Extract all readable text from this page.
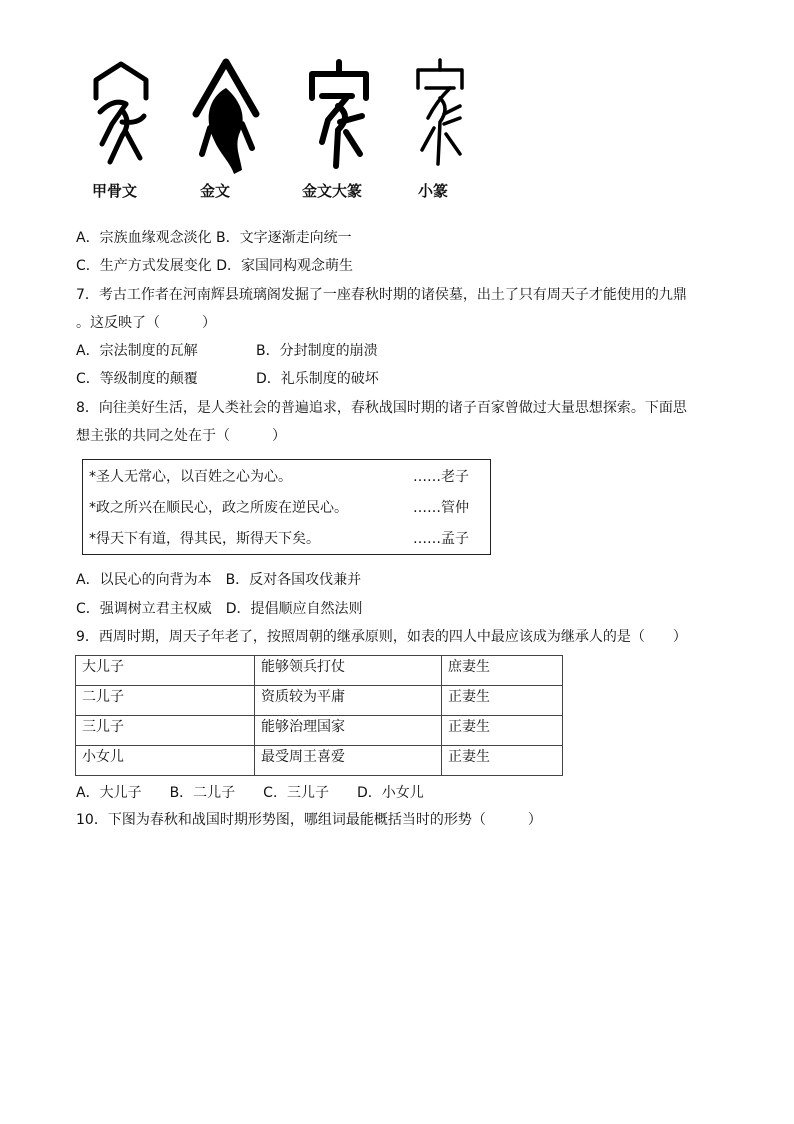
甲骨文	金文	金文大篆	小篆
A．宗族血缘观念淡化 B．文字逐渐走向统一
C．生产方式发展变化 D．家国同构观念萌生
7．考古工作者在河南辉县琉璃阁发掘了一座春秋时期的诸侯墓，出土了只有周天子才能使用的九鼎
。这反映了（　　　）
A．宗法制度的瓦解	B．分封制度的崩溃
C．等级制度的颠覆	D．礼乐制度的破坏
8．向往美好生活，是人类社会的普遍追求，春秋战国时期的诸子百家曾做过大量思想探索。下面思
想主张的共同之处在于（　　　）
*圣人无常心，以百姓之心为心。	……老子
*政之所兴在顺民心，政之所废在逆民心。	……管仲
*得天下有道，得其民，斯得天下矣。	……孟子
A．以民心的向背为本　B．反对各国攻伐兼并
C．强调树立君主权威　D．提倡顺应自然法则
9．西周时期，周天子年老了，按照周朝的继承原则，如表的四人中最应该成为继承人的是（　　）
大儿子	能够领兵打仗	庶妻生
二儿子	资质较为平庸	正妻生
三儿子	能够治理国家	正妻生
小女儿	最受周王喜爱	正妻生
A．大儿子　　B．二儿子　　C．三儿子　　D．小女儿
10．下图为春秋和战国时期形势图，哪组词最能概括当时的形势（　　　）
